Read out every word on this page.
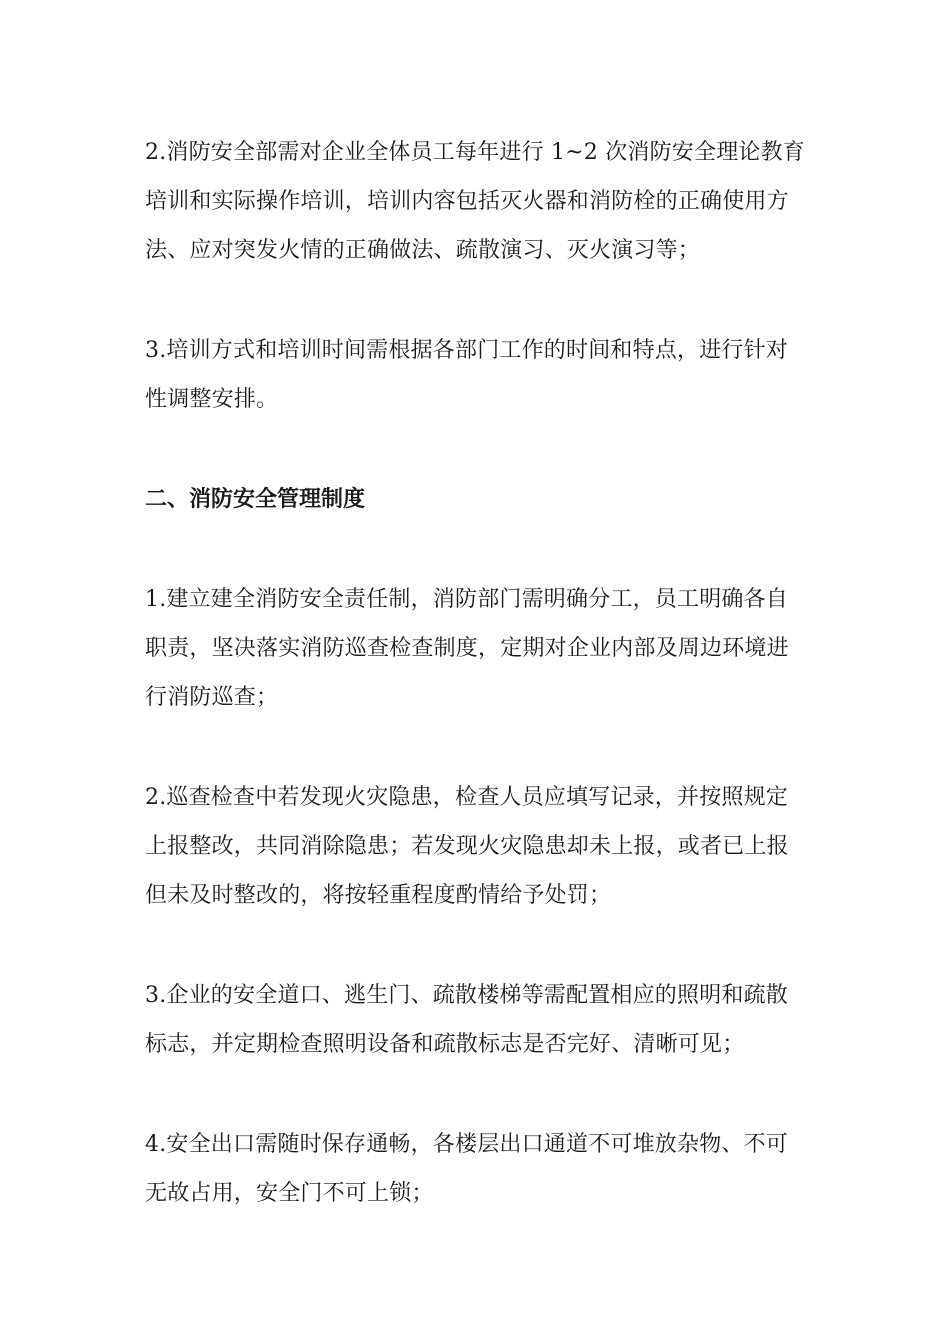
2.消防安全部需对企业全体员工每年进行 1~2 次消防安全理论教育
培训和实际操作培训，培训内容包括灭火器和消防栓的正确使用方
法、应对突发火情的正确做法、疏散演习、灭火演习等；

3.培训方式和培训时间需根据各部门工作的时间和特点，进行针对
性调整安排。

二、消防安全管理制度

1.建立建全消防安全责任制，消防部门需明确分工，员工明确各自
职责，坚决落实消防巡查检查制度，定期对企业内部及周边环境进
行消防巡查；

2.巡查检查中若发现火灾隐患，检查人员应填写记录，并按照规定
上报整改，共同消除隐患；若发现火灾隐患却未上报，或者已上报
但未及时整改的，将按轻重程度酌情给予处罚；

3.企业的安全道口、逃生门、疏散楼梯等需配置相应的照明和疏散
标志，并定期检查照明设备和疏散标志是否完好、清晰可见；

4.安全出口需随时保存通畅，各楼层出口通道不可堆放杂物、不可
无故占用，安全门不可上锁；
